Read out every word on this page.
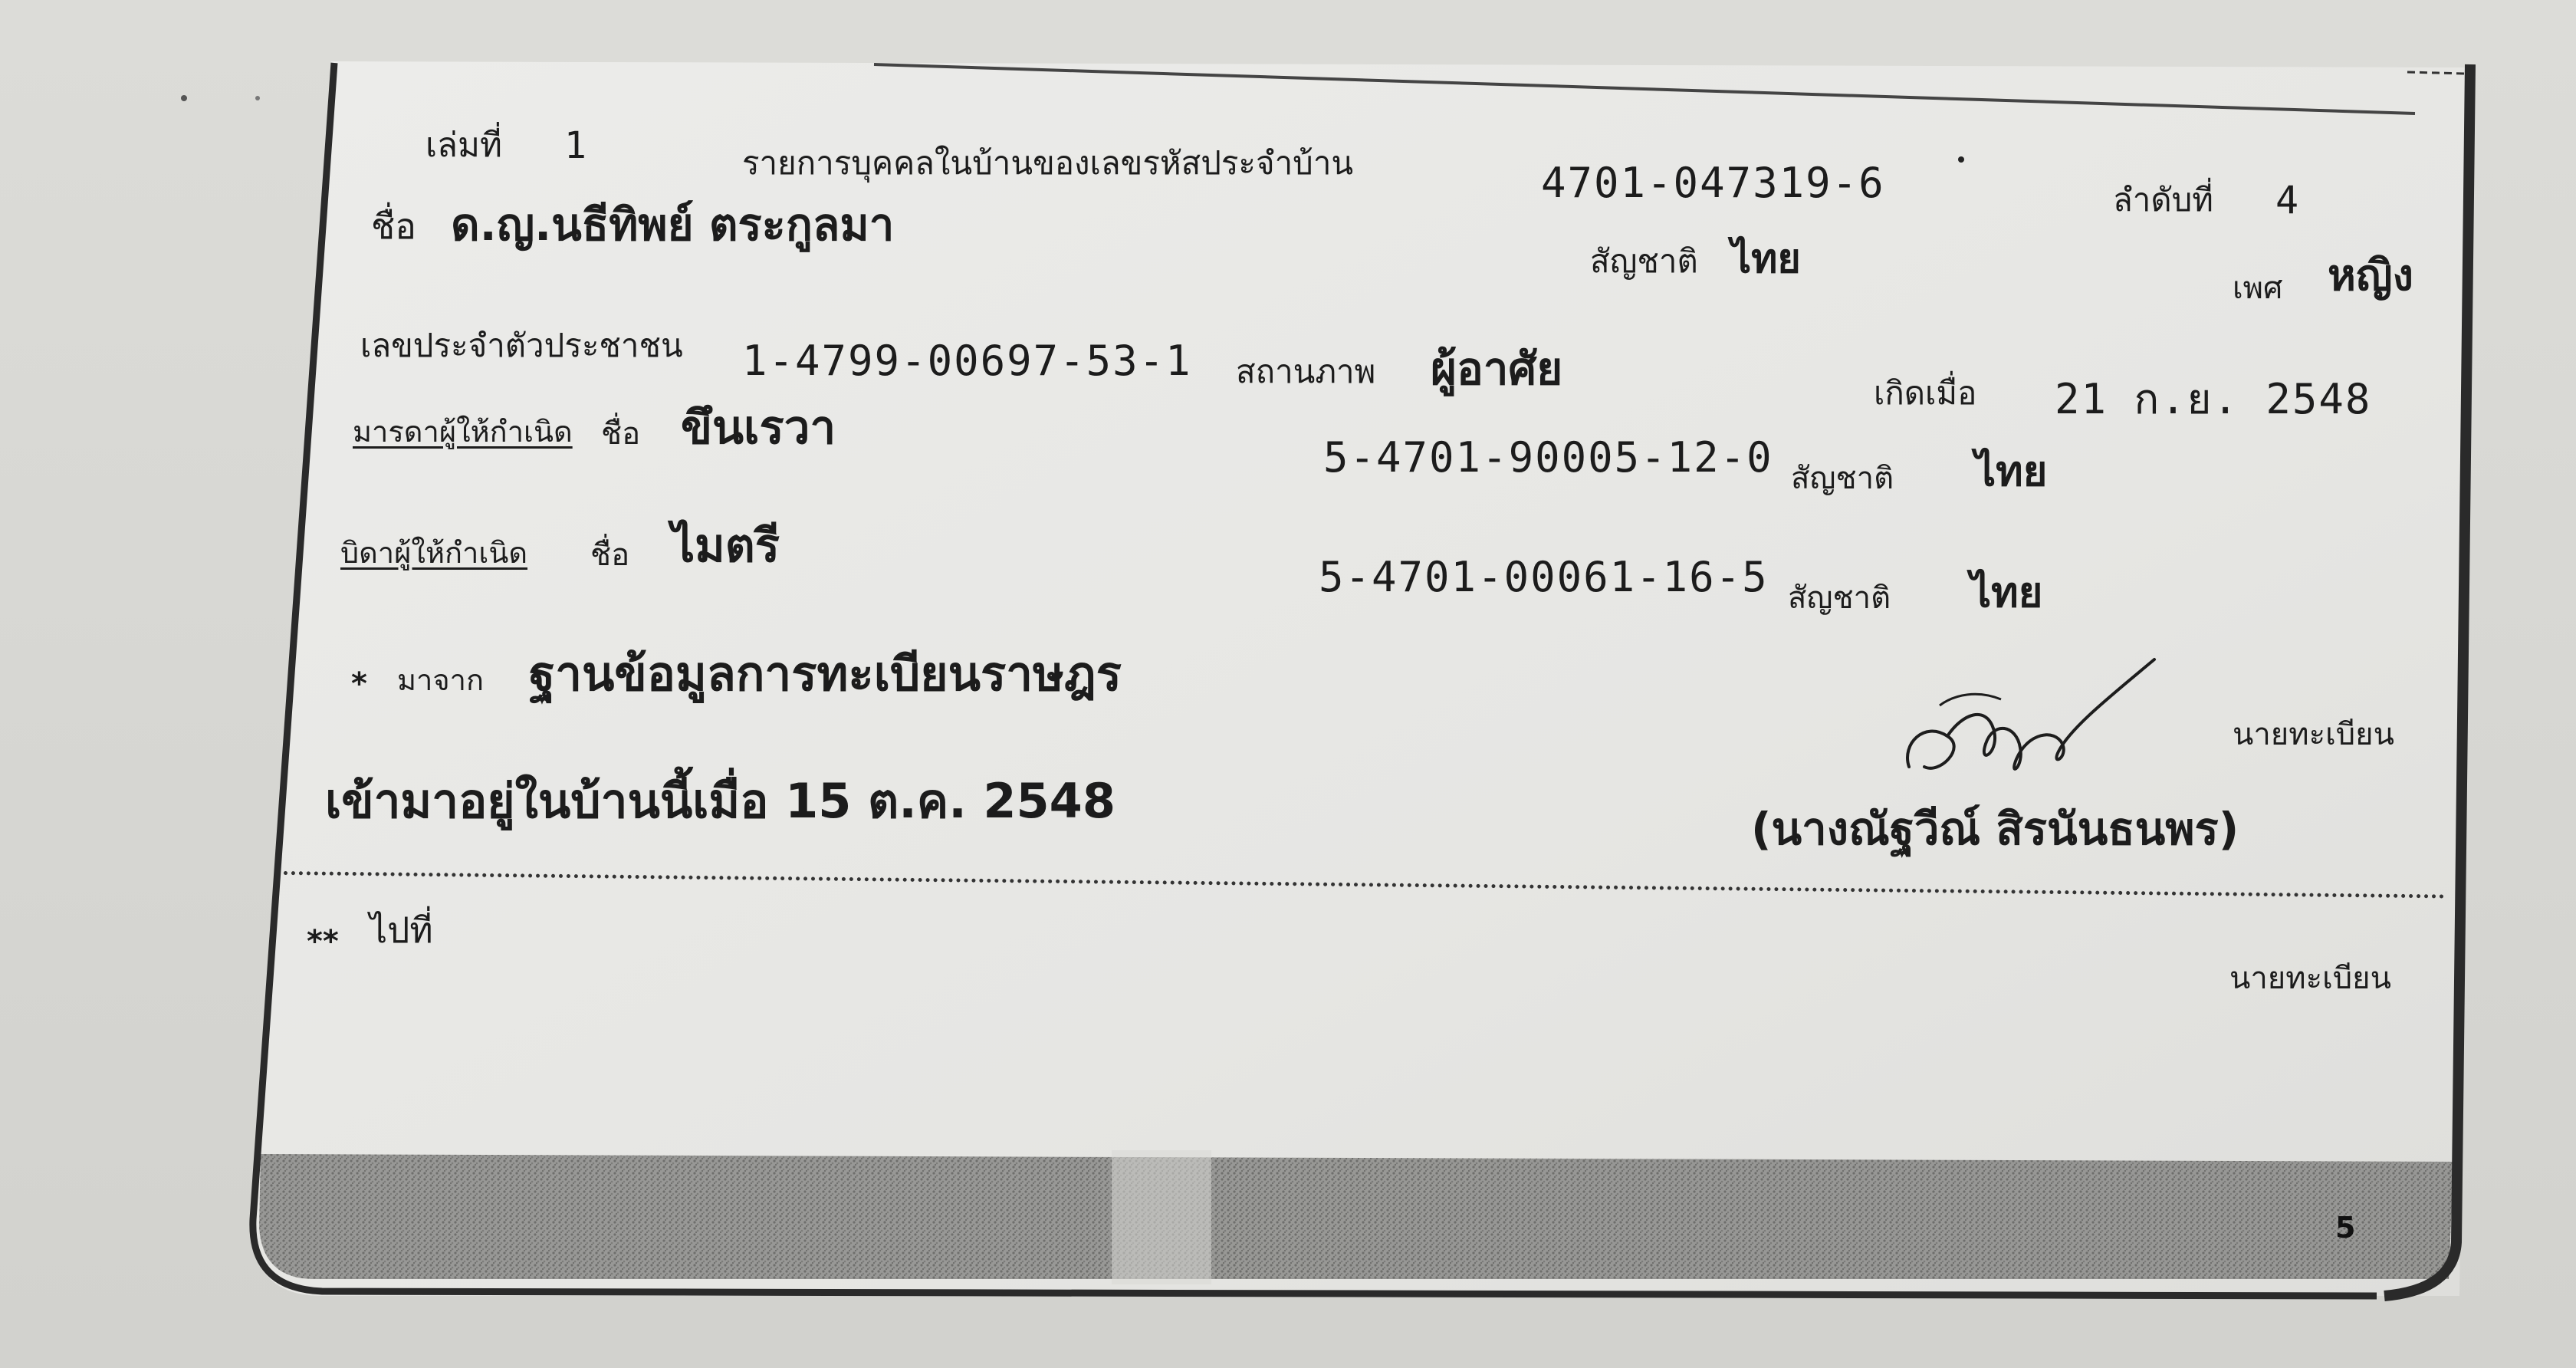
เล่มที่ 1	รายการบุคคลในบ้านของเลขรหัสประจำบ้าน	4701-047319-6	ลำดับที่ 4
ชื่อ ด.ญ.นธีทิพย์ ตระกูลมา
สัญชาติ ไทย
เพศ หญิง
เลขประจำตัวประชาชน 1-4799-00697-53-1 สถานภาพ ผู้อาศัย	เกิดเมื่อ 21 ก.ย. 2548
มารดาผู้ให้กำเนิด ชื่อ ขึนเรวา
5-4701-90005-12-0 สัญชาติ ไทย
บิดาผู้ให้กำเนิด ชื่อ ไมตรี
5-4701-00061-16-5 สัญชาติ ไทย
* มาจาก ฐานข้อมูลการทะเบียนราษฎร
เข้ามาอยู่ในบ้านนี้เมื่อ 15 ต.ค. 2548
นายทะเบียน
(นางณัฐวีณ์ สิรนันธนพร)
** ไปที่
นายทะเบียน
5
